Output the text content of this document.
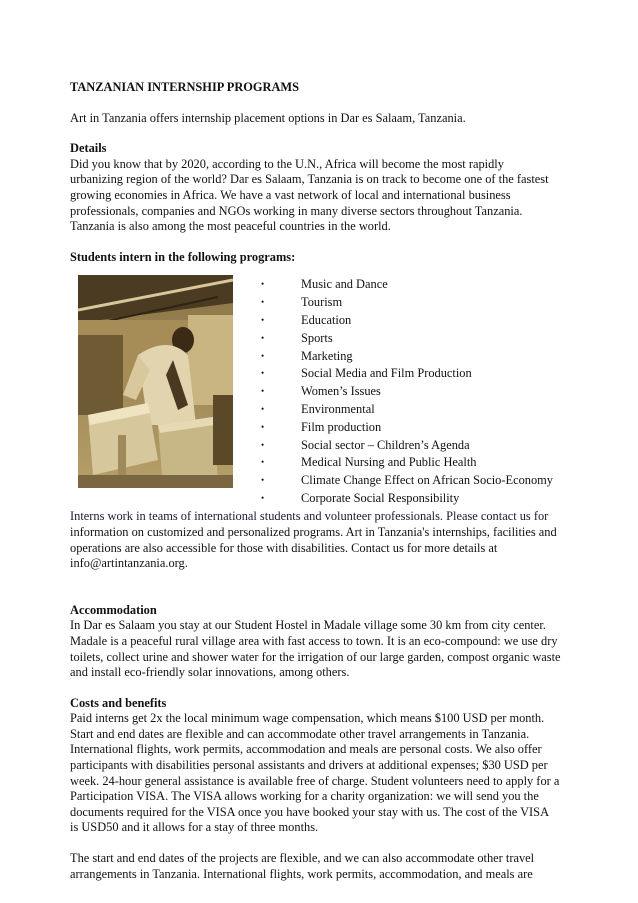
TANZANIAN INTERNSHIP PROGRAMS

Art in Tanzania offers internship placement options in Dar es Salaam, Tanzania.

Details

Did you know that by 2020, according to the U.N., Africa will become the most rapidly

urbanizing region of the world? Dar es Salaam, Tanzania is on track to become one of the fastest

growing economies in Africa. We have a vast network of local and international business

professionals, companies and NGOs working in many diverse sectors throughout Tanzania.

Tanzania is also among the most peaceful countries in the world.

Students intern in the following programs:

• Music and Dance
• Tourism
• Education
• Sports
• Marketing
• Social Media and Film Production
• Women’s Issues
• Environmental
• Film production
• Social sector – Children’s Agenda
• Medical Nursing and Public Health
• Climate Change Effect on African Socio-Economy
• Corporate Social Responsibility

Interns work in teams of international students and volunteer professionals. Please contact us for

information on customized and personalized programs. Art in Tanzania's internships, facilities and

operations are also accessible for those with disabilities. Contact us for more details at

info@artintanzania.org.

Accommodation

In Dar es Salaam you stay at our Student Hostel in Madale village some 30 km from city center.

Madale is a peaceful rural village area with fast access to town. It is an eco-compound: we use dry

toilets, collect urine and shower water for the irrigation of our large garden, compost organic waste

and install eco-friendly solar innovations, among others.

Costs and benefits

Paid interns get 2x the local minimum wage compensation, which means $100 USD per month.

Start and end dates are flexible and can accommodate other travel arrangements in Tanzania.

International flights, work permits, accommodation and meals are personal costs. We also offer

participants with disabilities personal assistants and drivers at additional expenses; $30 USD per

week. 24-hour general assistance is available free of charge. Student volunteers need to apply for a

Participation VISA. The VISA allows working for a charity organization: we will send you the

documents required for the VISA once you have booked your stay with us. The cost of the VISA

is USD50 and it allows for a stay of three months.

The start and end dates of the projects are flexible, and we can also accommodate other travel

arrangements in Tanzania. International flights, work permits, accommodation, and meals are
